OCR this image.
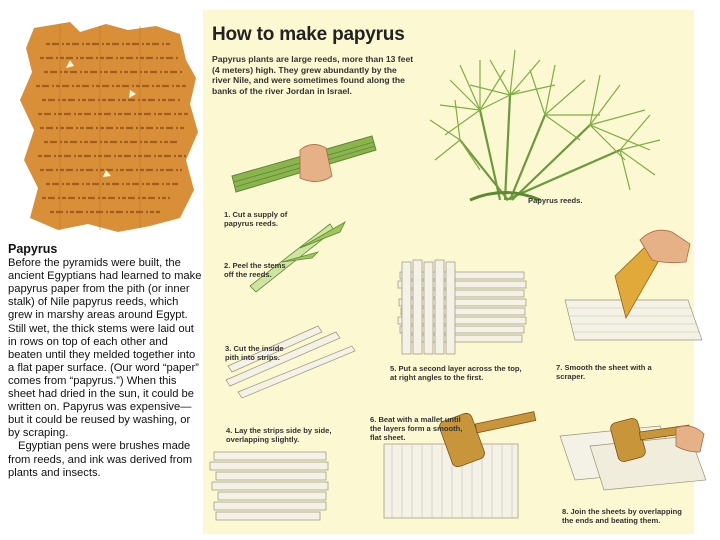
Papyrus

Before the pyramids were built, the ancient Egyptians had learned to make papyrus paper from the pith (or inner stalk) of Nile papyrus reeds, which grew in marshy areas around Egypt. Still wet, the thick stems were laid out in rows on top of each other and beaten until they melded together into a flat paper surface. (Our word “paper” comes from “papyrus.”) When this sheet had dried in the sun, it could be written on. Papyrus was expensive—but it could be reused by washing, or by scraping.

Egyptian pens were brushes made from reeds, and ink was derived from plants and insects.

How to make papyrus
Papyrus plants are large reeds, more than 13 feet (4 meters) high. They grew abundantly by the river Nile, and were sometimes found along the banks of the river Jordan in Israel.
Papyrus reeds.
1. Cut a supply of papyrus reeds.
2. Peel the stems off the reeds.
3. Cut the inside pith into strips.
4. Lay the strips side by side, overlapping slightly.
5. Put a second layer across the top, at right angles to the first.
6. Beat with a mallet until the layers form a smooth, flat sheet.
7. Smooth the sheet with a scraper.
8. Join the sheets by overlapping the ends and beating them.
